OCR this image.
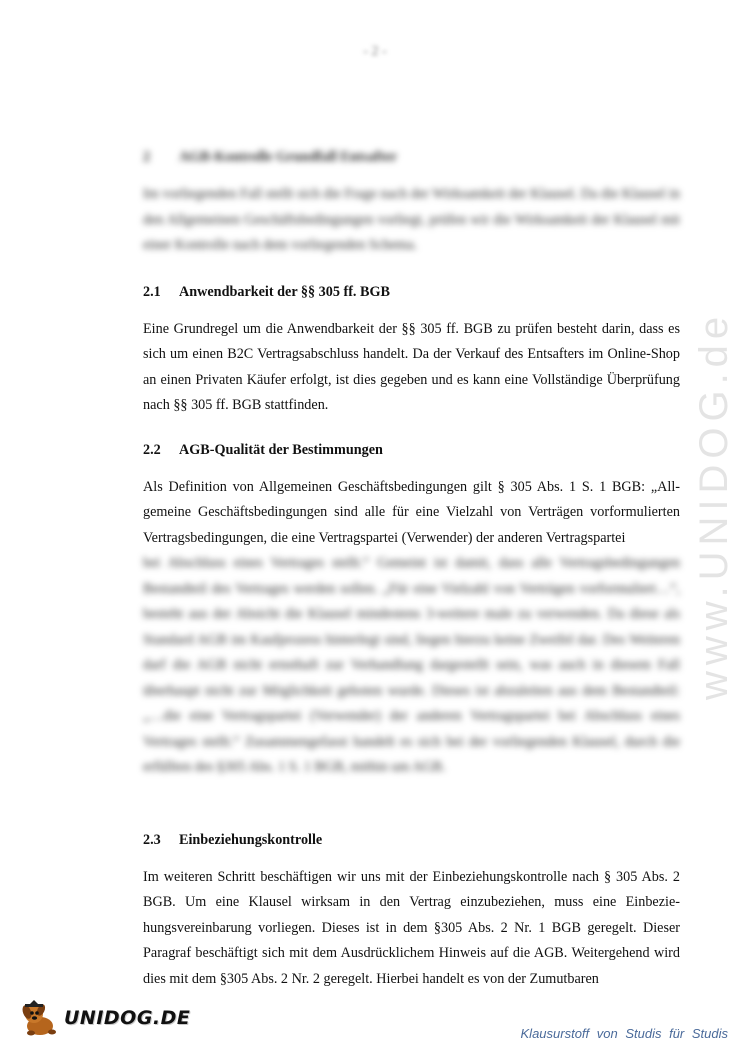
- 2 -
www.UNIDOG.de
2 AGB-Kontrolle Grundfall Entsafter

Im vorliegenden Fall stellt sich die Frage nach der Wirksamkeit der Klausel. Da die Klausel in den Allgemeinen Geschäftsbedingungen vorliegt, prüfen wir die Wirksamkeit der Klausel mit einer Kontrolle nach dem vorliegenden Schema.

2.1 Anwendbarkeit der §§ 305 ff. BGB

Eine Grundregel um die Anwendbarkeit der §§ 305 ff. BGB zu prüfen besteht darin, dass es sich um einen B2C Vertragsabschluss handelt. Da der Verkauf des Entsafters im Online-Shop an einen Privaten Käufer erfolgt, ist dies gegeben und es kann eine Vollständige Überprüfung nach §§ 305 ff. BGB stattfinden.

2.2 AGB-Qualität der Bestimmungen

Als Definition von Allgemeinen Geschäftsbedingungen gilt § 305 Abs. 1 S. 1 BGB: „All-gemeine Geschäftsbedingungen sind alle für eine Vielzahl von Verträgen vorformulierten Vertragsbedingungen, die eine Vertragspartei (Verwender) der anderen Vertragspartei

bei Abschluss eines Vertrages stellt.“ Gemeint ist damit, dass alle Vertragsbedingungen Bestandteil des Vertrages werden sollen. „Für eine Vielzahl von Verträgen vorformuliert…“, besteht aus der Absicht die Klausel mindestens 3-weitere male zu verwenden. Da diese als Standard AGB im Kaufprozess hinterlegt sind, liegen hierzu keine Zweifel dar. Des Weiteren darf die AGB nicht ernsthaft zur Verhandlung dargestellt sein, was auch in diesem Fall überhaupt nicht zur Möglichkeit geboten wurde. Dieses ist abzuleiten aus dem Bestandteil: „…die eine Vertragspartei (Verwender) der anderen Vertragspartei bei Abschluss eines Vertrages stellt.“ Zusammengefasst handelt es sich bei der vorliegenden Klausel, durch die erfüllten des §305 Abs. 1 S. 1 BGB, mithin um AGB.

2.3 Einbeziehungskontrolle

Im weiteren Schritt beschäftigen wir uns mit der Einbeziehungskontrolle nach § 305 Abs. 2 BGB. Um eine Klausel wirksam in den Vertrag einzubeziehen, muss eine Einbezie-hungsvereinbarung vorliegen. Dieses ist in dem §305 Abs. 2 Nr. 1 BGB geregelt. Dieser Paragraf beschäftigt sich mit dem Ausdrücklichem Hinweis auf die AGB. Weitergehend wird dies mit dem §305 Abs. 2 Nr. 2 geregelt. Hierbei handelt es von der Zumutbaren

UNIDOG.DE
Klausurstoff von Studis für Studis
